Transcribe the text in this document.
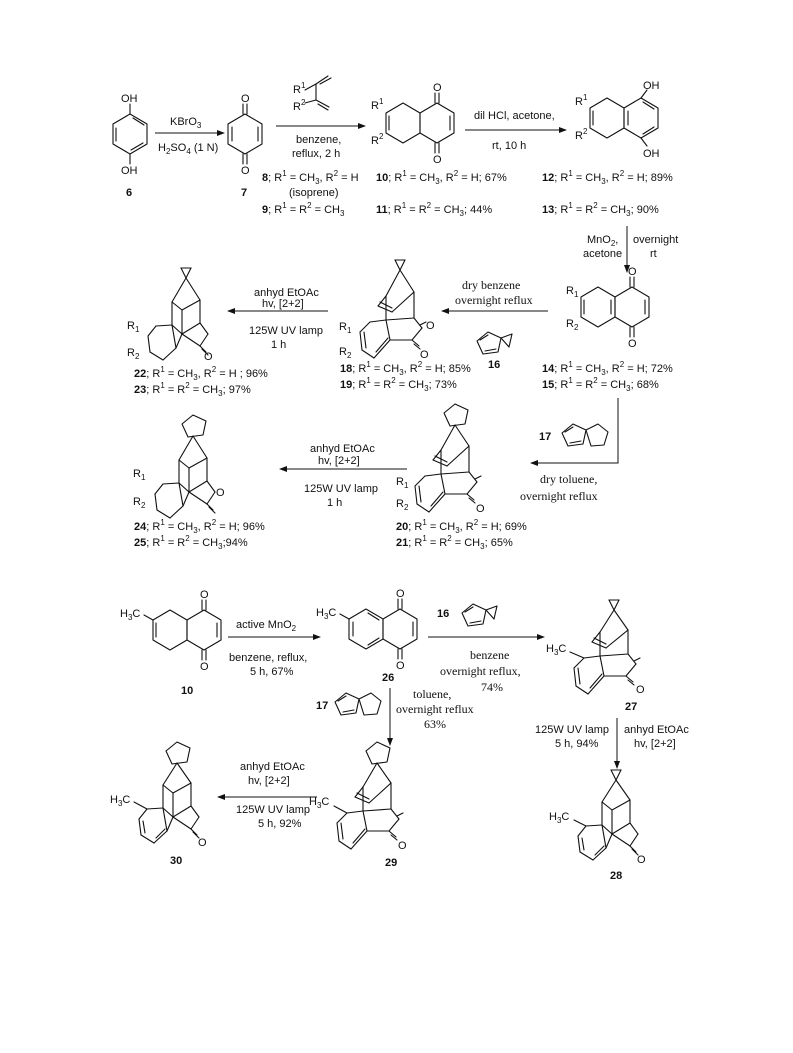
OH
OH
6
KBrO$_3$
$H_2SO_4$ (1 N)
O
O
7
$R^1$
$R^2$
benzene,
reflux, 2 h
8; $R^1 = CH_3$, $R^2 = H$
(isoprene)
9; $R^1 = R^2 = CH_3$
O
O
$R^1$
$R^2$
10; $R^1 = CH_3$, $R^2 = H$; 67%
11; $R^1 = R^2 = CH_3$; 44%
dil HCl, acetone,
rt, 10 h
OH
OH
$R^1$
$R^2$
12; $R^1 = CH_3$, $R^2 = H$; 89%
13; $R^1 = R^2 = CH_3$; 90%
MnO$_2$,
acetone
overnight
rt
O
O
$R_1$
$R_2$
14; $R^1 = CH_3$, $R^2 = H$; 72%
15; $R^1 = R^2 = CH_3$; 68%
dry benzene
overnight reflux
16
O
O
$R_1$
$R_2$
18; $R^1 = CH_3$, $R^2 = H$; 85%
19; $R^1 = R^2 = CH_3$; 73%
anhyd EtOAc
hv, [2+2]
125W UV lamp
1 h
O
$R_1$
$R_2$
22; $R^1 = CH_3$, $R^2 = H$ ; 96%
23; $R^1 = R^2 = CH_3$; 97%
17
dry toluene,
overnight reflux
O
$R_1$
$R_2$
20; $R^1 = CH_3$, $R^2 = H$; 69%
21; $R^1 = R^2 = CH_3$; 65%
anhyd EtOAc
hv, [2+2]
125W UV lamp
1 h
O
$R_1$
$R_2$
24; $R^1 = CH_3$, $R^2 = H$; 96%
25; $R^1 = R^2$ = $CH_3;94\%$
O
O
$H_3C$
10
active MnO$_2$
benzene, reflux,
5 h, 67%
O
O
$H_3C$
26
16
benzene
overnight reflux,
74%	O
$H_3C$
27
125W UV lamp
5 h, 94%
anhyd EtOAc
hv, [2+2]
O
$H_3C$
28
17
toluene,
overnight reflux
63%
O
$H_3C$
29
anhyd EtOAc
hv, [2+2]
125W UV lamp
5 h, 92%
O
$H_3C$
30
